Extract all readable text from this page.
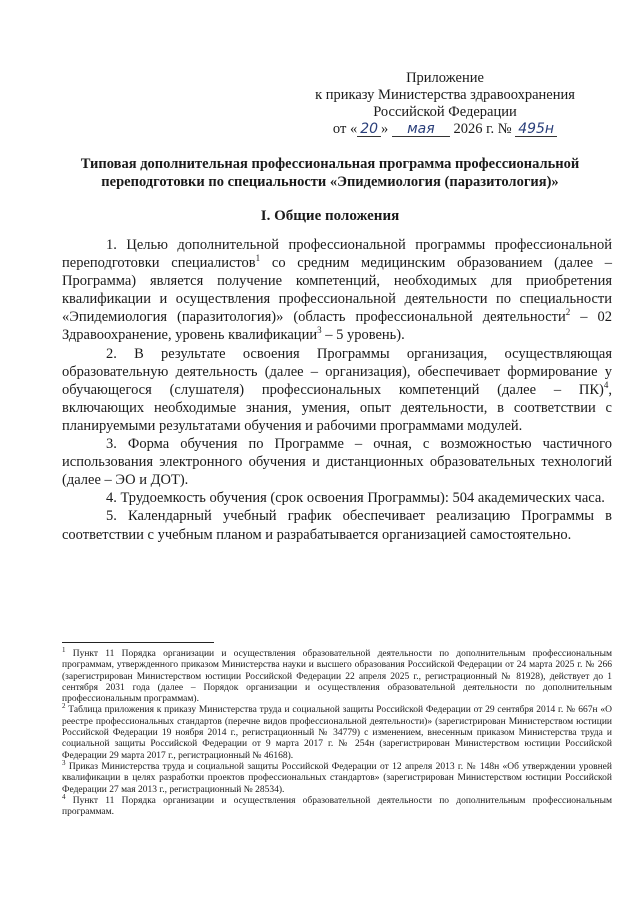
Приложение
к приказу Министерства здравоохранения
Российской Федерации
от « 20 » мая 2026 г. № 495н
Типовая дополнительная профессиональная программа профессиональной переподготовки по специальности «Эпидемиология (паразитология)»
I. Общие положения

1. Целью дополнительной профессиональной программы профессиональной переподготовки специалистов$^1$ со средним медицинским образованием (далее – Программа) является получение компетенций, необходимых для приобретения квалификации и осуществления профессиональной деятельности по специальности «Эпидемиология (паразитология)» (область профессиональной деятельности$^2$ – 02 Здравоохранение, уровень квалификации$^3$ – 5 уровень).

2. В результате освоения Программы организация, осуществляющая образовательную деятельность (далее – организация), обеспечивает формирование у обучающегося (слушателя) профессиональных компетенций (далее – ПК)$^4$, включающих необходимые знания, умения, опыт деятельности, в соответствии с планируемыми результатами обучения и рабочими программами модулей.

3. Форма обучения по Программе – очная, с возможностью частичного использования электронного обучения и дистанционных образовательных технологий (далее – ЭО и ДОТ).

4. Трудоемкость обучения (срок освоения Программы): 504 академических часа.

5. Календарный учебный график обеспечивает реализацию Программы в соответствии с учебным планом и разрабатывается организацией самостоятельно.

$^1$ Пункт 11 Порядка организации и осуществления образовательной деятельности по дополнительным профессиональным программам, утвержденного приказом Министерства науки и высшего образования Российской Федерации от 24 марта 2025 г. № 266 (зарегистрирован Министерством юстиции Российской Федерации 22 апреля 2025 г., регистрационный № 81928), действует до 1 сентября 2031 года (далее – Порядок организации и осуществления образовательной деятельности по дополнительным профессиональным программам).

$^2$ Таблица приложения к приказу Министерства труда и социальной защиты Российской Федерации от 29 сентября 2014 г. № 667н «О реестре профессиональных стандартов (перечне видов профессиональной деятельности)» (зарегистрирован Министерством юстиции Российской Федерации 19 ноября 2014 г., регистрационный № 34779) с изменением, внесенным приказом Министерства труда и социальной защиты Российской Федерации от 9 марта 2017 г. № 254н (зарегистрирован Министерством юстиции Российской Федерации 29 марта 2017 г., регистрационный № 46168).

$^3$ Приказ Министерства труда и социальной защиты Российской Федерации от 12 апреля 2013 г. № 148н «Об утверждении уровней квалификации в целях разработки проектов профессиональных стандартов» (зарегистрирован Министерством юстиции Российской Федерации 27 мая 2013 г., регистрационный № 28534).

$^4$ Пункт 11 Порядка организации и осуществления образовательной деятельности по дополнительным профессиональным программам.
